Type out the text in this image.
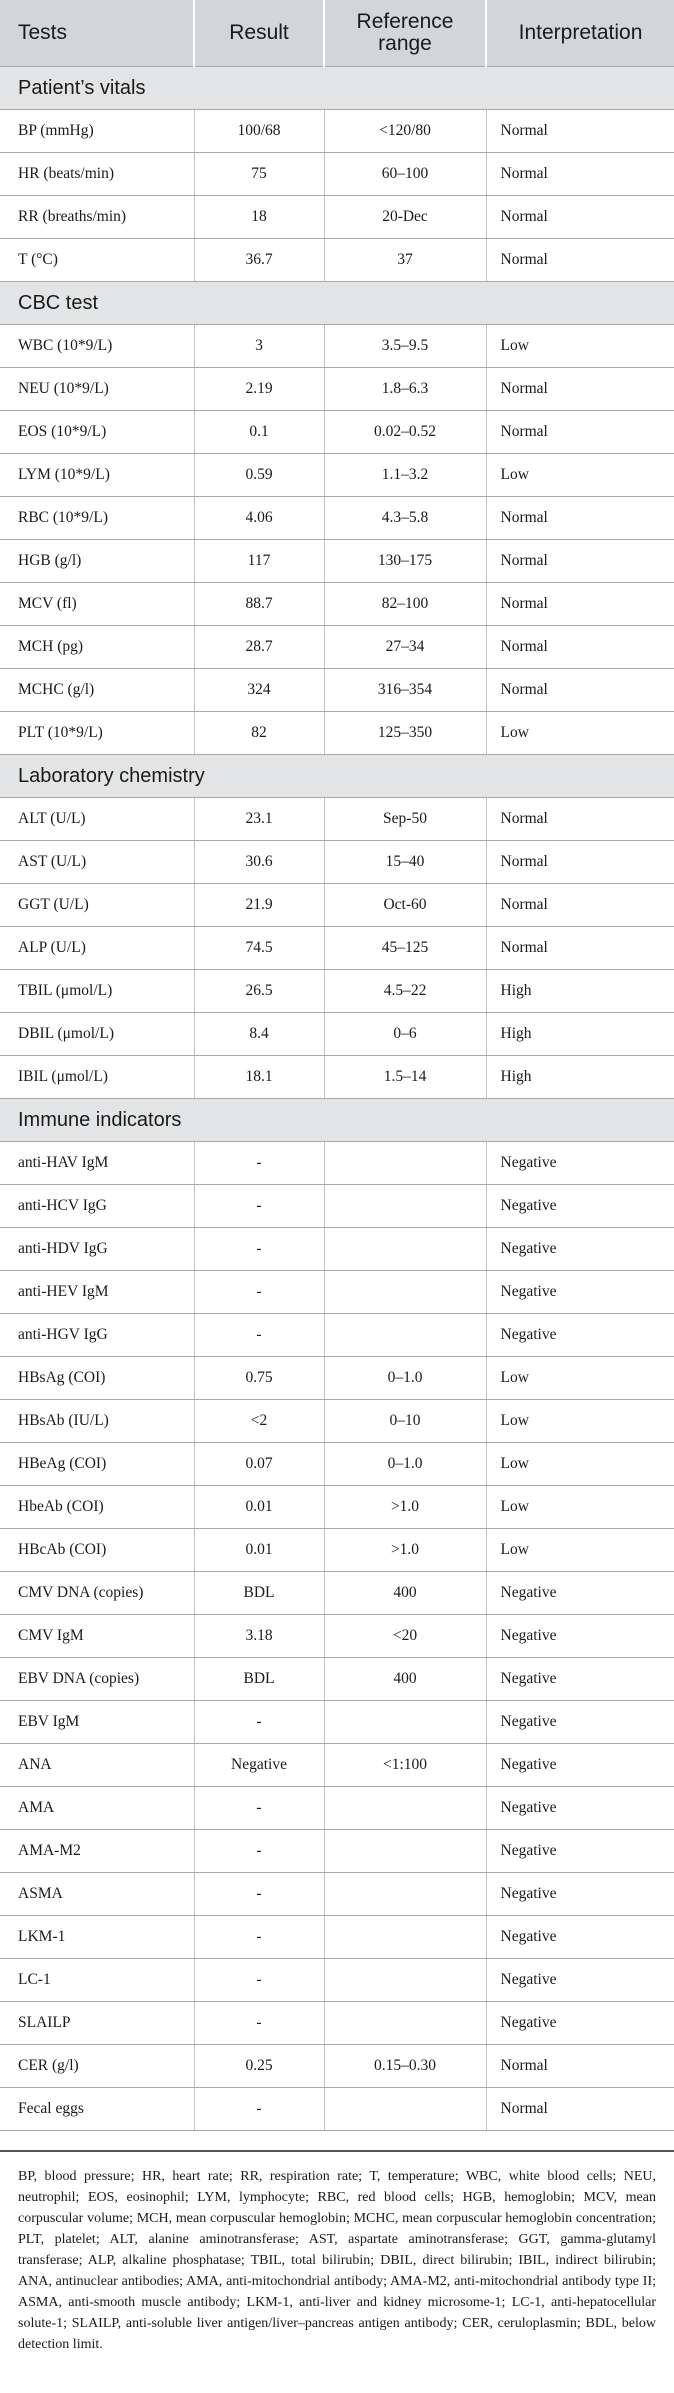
Tests	Result	Reference range	Interpretation
Patient’s vitals			
BP (mmHg)	100/68	<120/80	Normal
HR (beats/min)	75	60–100	Normal
RR (breaths/min)	18	20-Dec	Normal
T (°C)	36.7	37	Normal
CBC test			
WBC (10*9/L)	3	3.5–9.5	Low
NEU (10*9/L)	2.19	1.8–6.3	Normal
EOS (10*9/L)	0.1	0.02–0.52	Normal
LYM (10*9/L)	0.59	1.1–3.2	Low
RBC (10*9/L)	4.06	4.3–5.8	Normal
HGB (g/l)	117	130–175	Normal
MCV (fl)	88.7	82–100	Normal
MCH (pg)	28.7	27–34	Normal
MCHC (g/l)	324	316–354	Normal
PLT (10*9/L)	82	125–350	Low
Laboratory chemistry			
ALT (U/L)	23.1	Sep-50	Normal
AST (U/L)	30.6	15–40	Normal
GGT (U/L)	21.9	Oct-60	Normal
ALP (U/L)	74.5	45–125	Normal
TBIL (μmol/L)	26.5	4.5–22	High
DBIL (μmol/L)	8.4	0–6	High
IBIL (μmol/L)	18.1	1.5–14	High
Immune indicators			
anti-HAV IgM	-		Negative
anti-HCV IgG	-		Negative
anti-HDV IgG	-		Negative
anti-HEV IgM	-		Negative
anti-HGV IgG	-		Negative
HBsAg (COI)	0.75	0–1.0	Low
HBsAb (IU/L)	<2	0–10	Low
HBeAg (COI)	0.07	0–1.0	Low
HbeAb (COI)	0.01	>1.0	Low
HBcAb (COI)	0.01	>1.0	Low
CMV DNA (copies)	BDL	400	Negative
CMV IgM	3.18	<20	Negative
EBV DNA (copies)	BDL	400	Negative
EBV IgM	-		Negative
ANA	Negative	<1:100	Negative
AMA	-		Negative
AMA-M2	-		Negative
ASMA	-		Negative
LKM-1	-		Negative
LC-1	-		Negative
SLAILP	-		Negative
CER (g/l)	0.25	0.15–0.30	Normal
Fecal eggs	-		Normal
BP, blood pressure; HR, heart rate; RR, respiration rate; T, temperature; WBC, white blood cells; NEU, neutrophil; EOS, eosinophil; LYM, lymphocyte; RBC, red blood cells; HGB, hemoglobin; MCV, mean corpuscular volume; MCH, mean corpuscular hemoglobin; MCHC, mean corpuscular hemoglobin concentration; PLT, platelet; ALT, alanine aminotransferase; AST, aspartate aminotransferase; GGT, gamma-glutamyl transferase; ALP, alkaline phosphatase; TBIL, total bilirubin; DBIL, direct bilirubin; IBIL, indirect bilirubin; ANA, antinuclear antibodies; AMA, anti-mitochondrial antibody; AMA-M2, anti-mitochondrial antibody type II; ASMA, anti-smooth muscle antibody; LKM-1, anti-liver and kidney microsome-1; LC-1, anti-hepatocellular solute-1; SLAILP, anti-soluble liver antigen/liver–pancreas antigen antibody; CER, ceruloplasmin; BDL, below detection limit.
